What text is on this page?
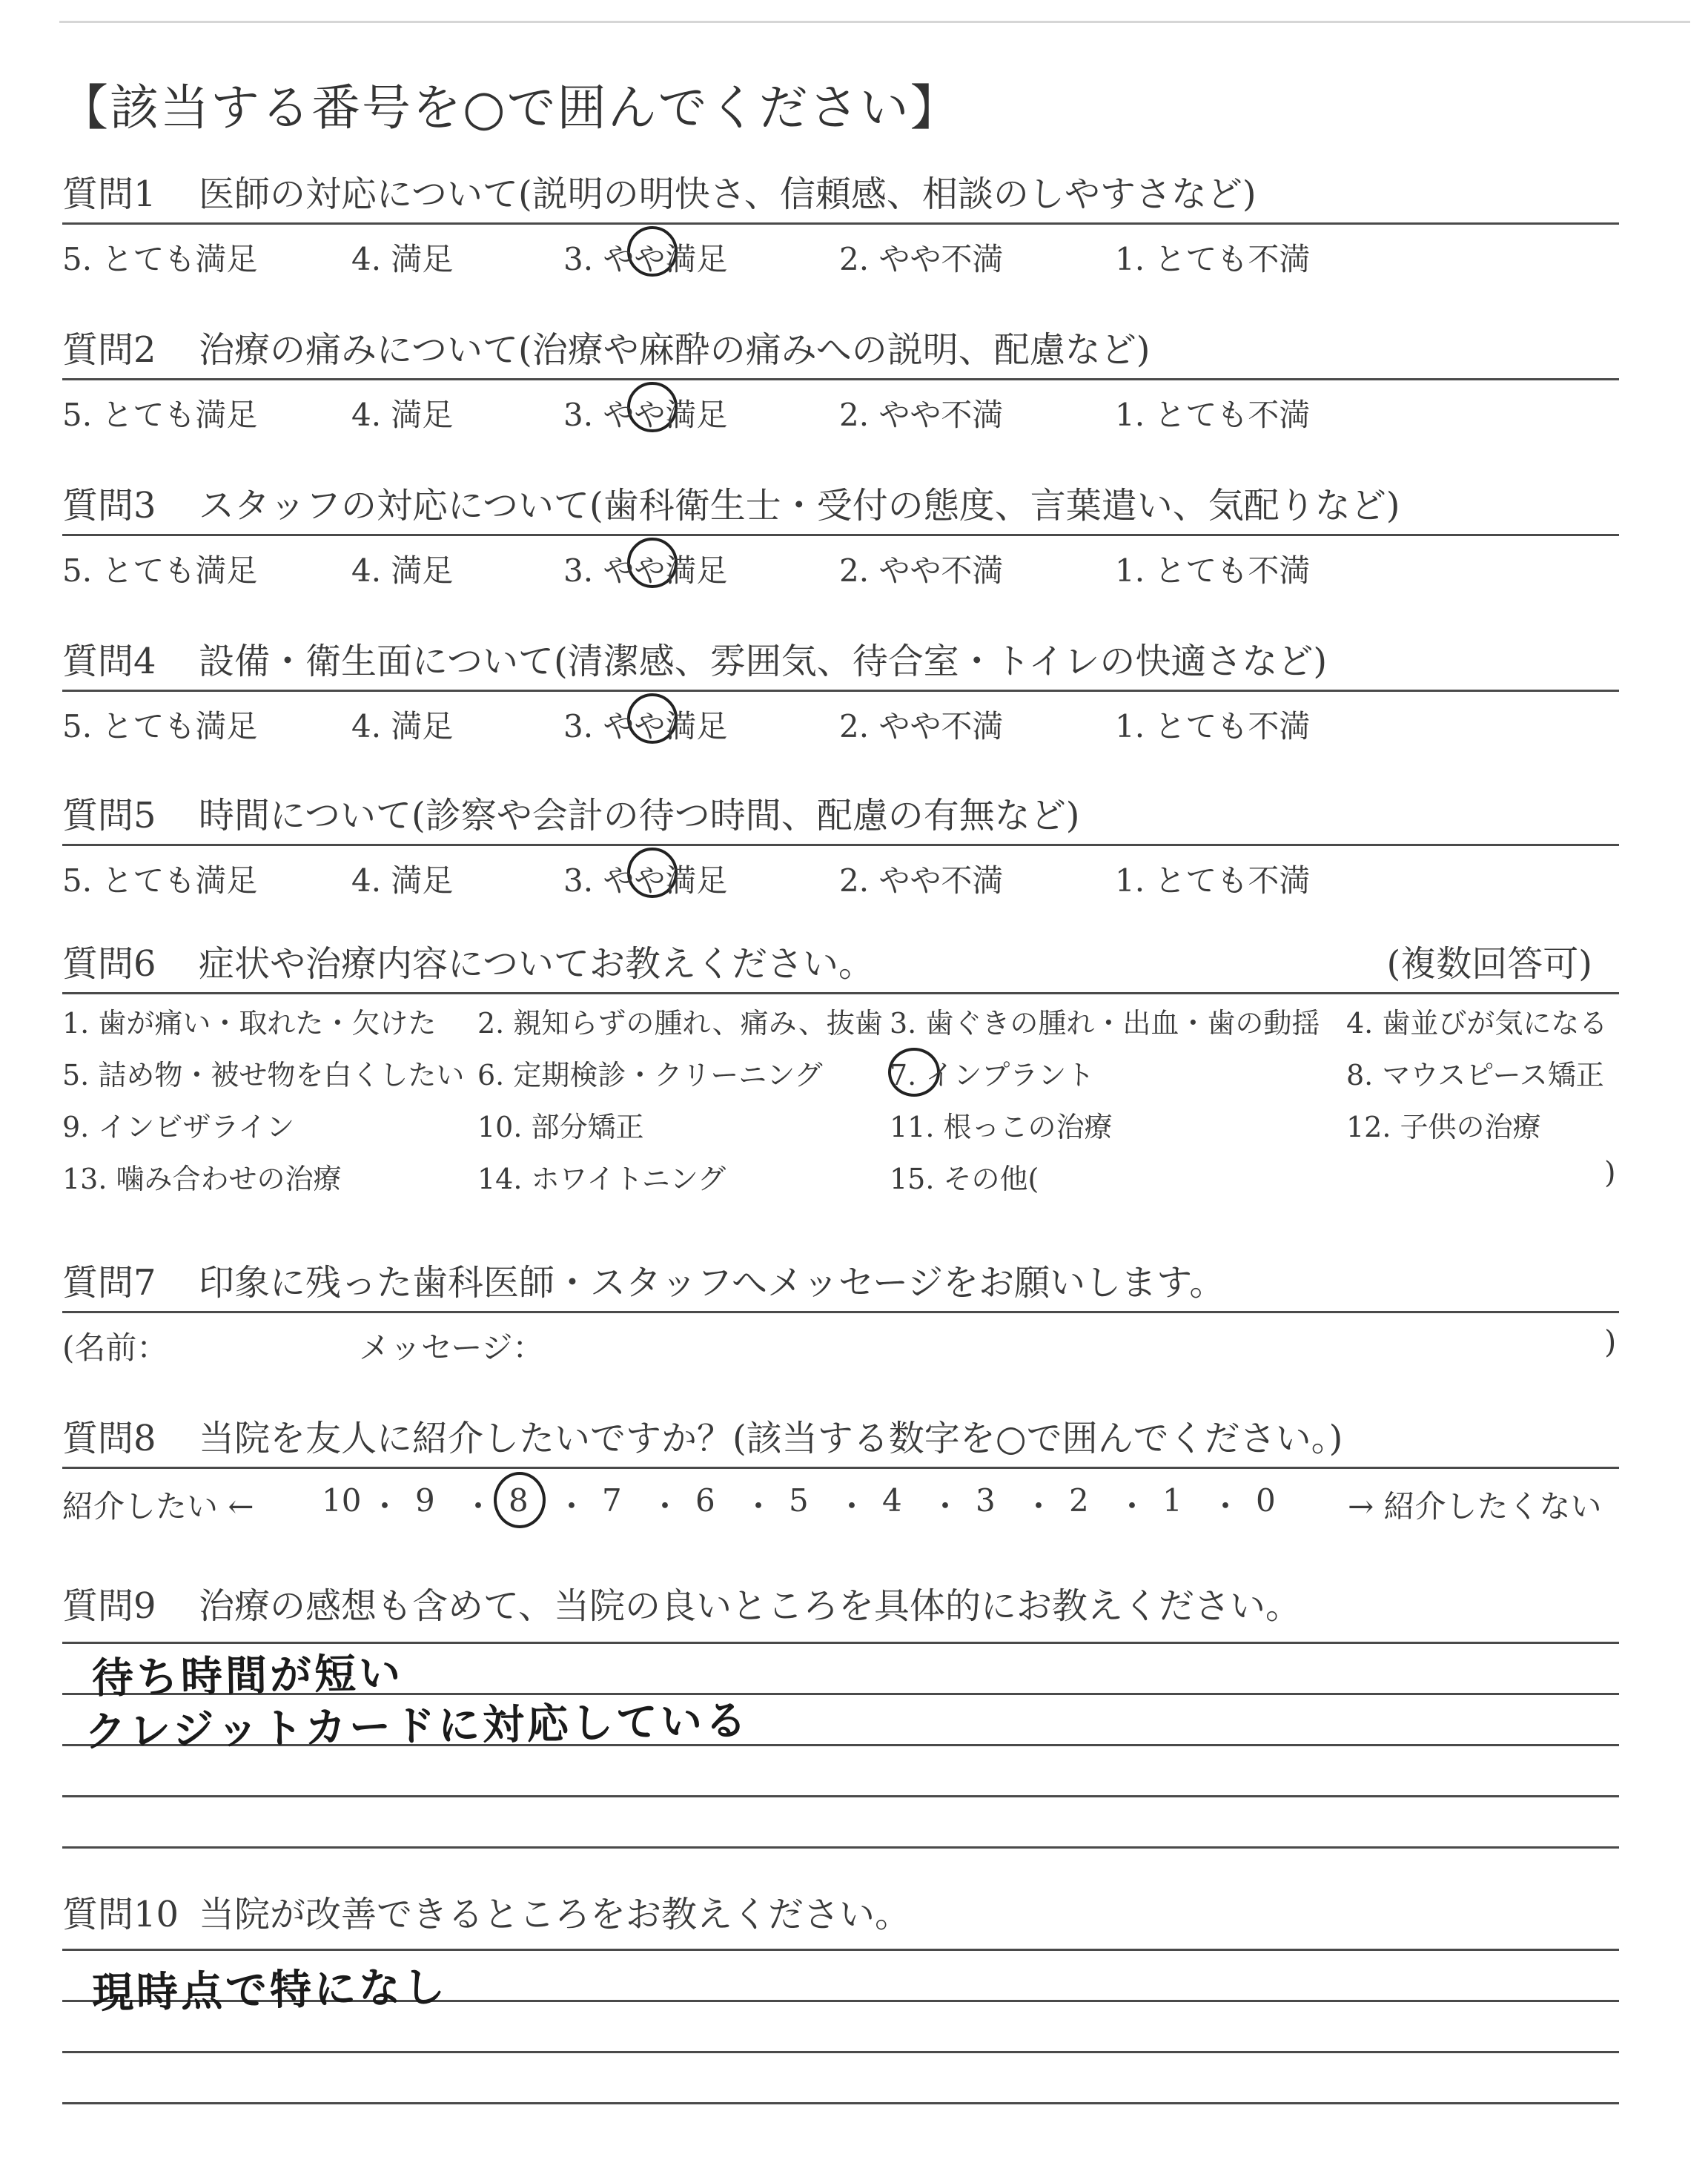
【該当する番号を○で囲んでください】
質問1 医師の対応について(説明の明快さ、信頼感、相談のしやすさなど)
5. とても満足	4. 満足	3. やや満足	2. やや不満	1. とても不満
質問2 治療の痛みについて(治療や麻酔の痛みへの説明、配慮など)
5. とても満足	4. 満足	3. やや満足	2. やや不満	1. とても不満
質問3 スタッフの対応について(歯科衛生士・受付の態度、言葉遣い、気配りなど)
5. とても満足	4. 満足	3. やや満足	2. やや不満	1. とても不満
質問4 設備・衛生面について(清潔感、雰囲気、待合室・トイレの快適さなど)
5. とても満足	4. 満足	3. やや満足	2. やや不満	1. とても不満
質問5 時間について(診察や会計の待つ時間、配慮の有無など)
5. とても満足	4. 満足	3. やや満足	2. やや不満	1. とても不満
質問6 症状や治療内容についてお教えください。	(複数回答可)
)
1. 歯が痛い・取れた・欠けた 2. 親知らずの腫れ、痛み、抜歯 3. 歯ぐきの腫れ・出血・歯の動揺 4. 歯並びが気になる
5. 詰め物・被せ物を白くしたい 6. 定期検診・クリーニング 7. インプラント	8. マウスピース矯正
9. インビザライン	10. 部分矯正	11. 根っこの治療	12. 子供の治療
13. 噛み合わせの治療	14. ホワイトニング	15. その他(
質問7 印象に残った歯科医師・スタッフへメッセージをお願いします。
(名前：	メッセージ：	)
質問8 当院を友人に紹介したいですか？(該当する数字を○で囲んでください。)
紹介したい ←	→ 紹介したくない
10 ・ 9 ・ 8 ・ 7 ・ 6 ・ 5 ・ 4 ・ 3 ・ 2 ・ 1 ・ 0
質問9 治療の感想も含めて、当院の良いところを具体的にお教えください。
待ち時間が短い
クレジットカードに対応している
質問10 当院が改善できるところをお教えください。
現時点で特になし
